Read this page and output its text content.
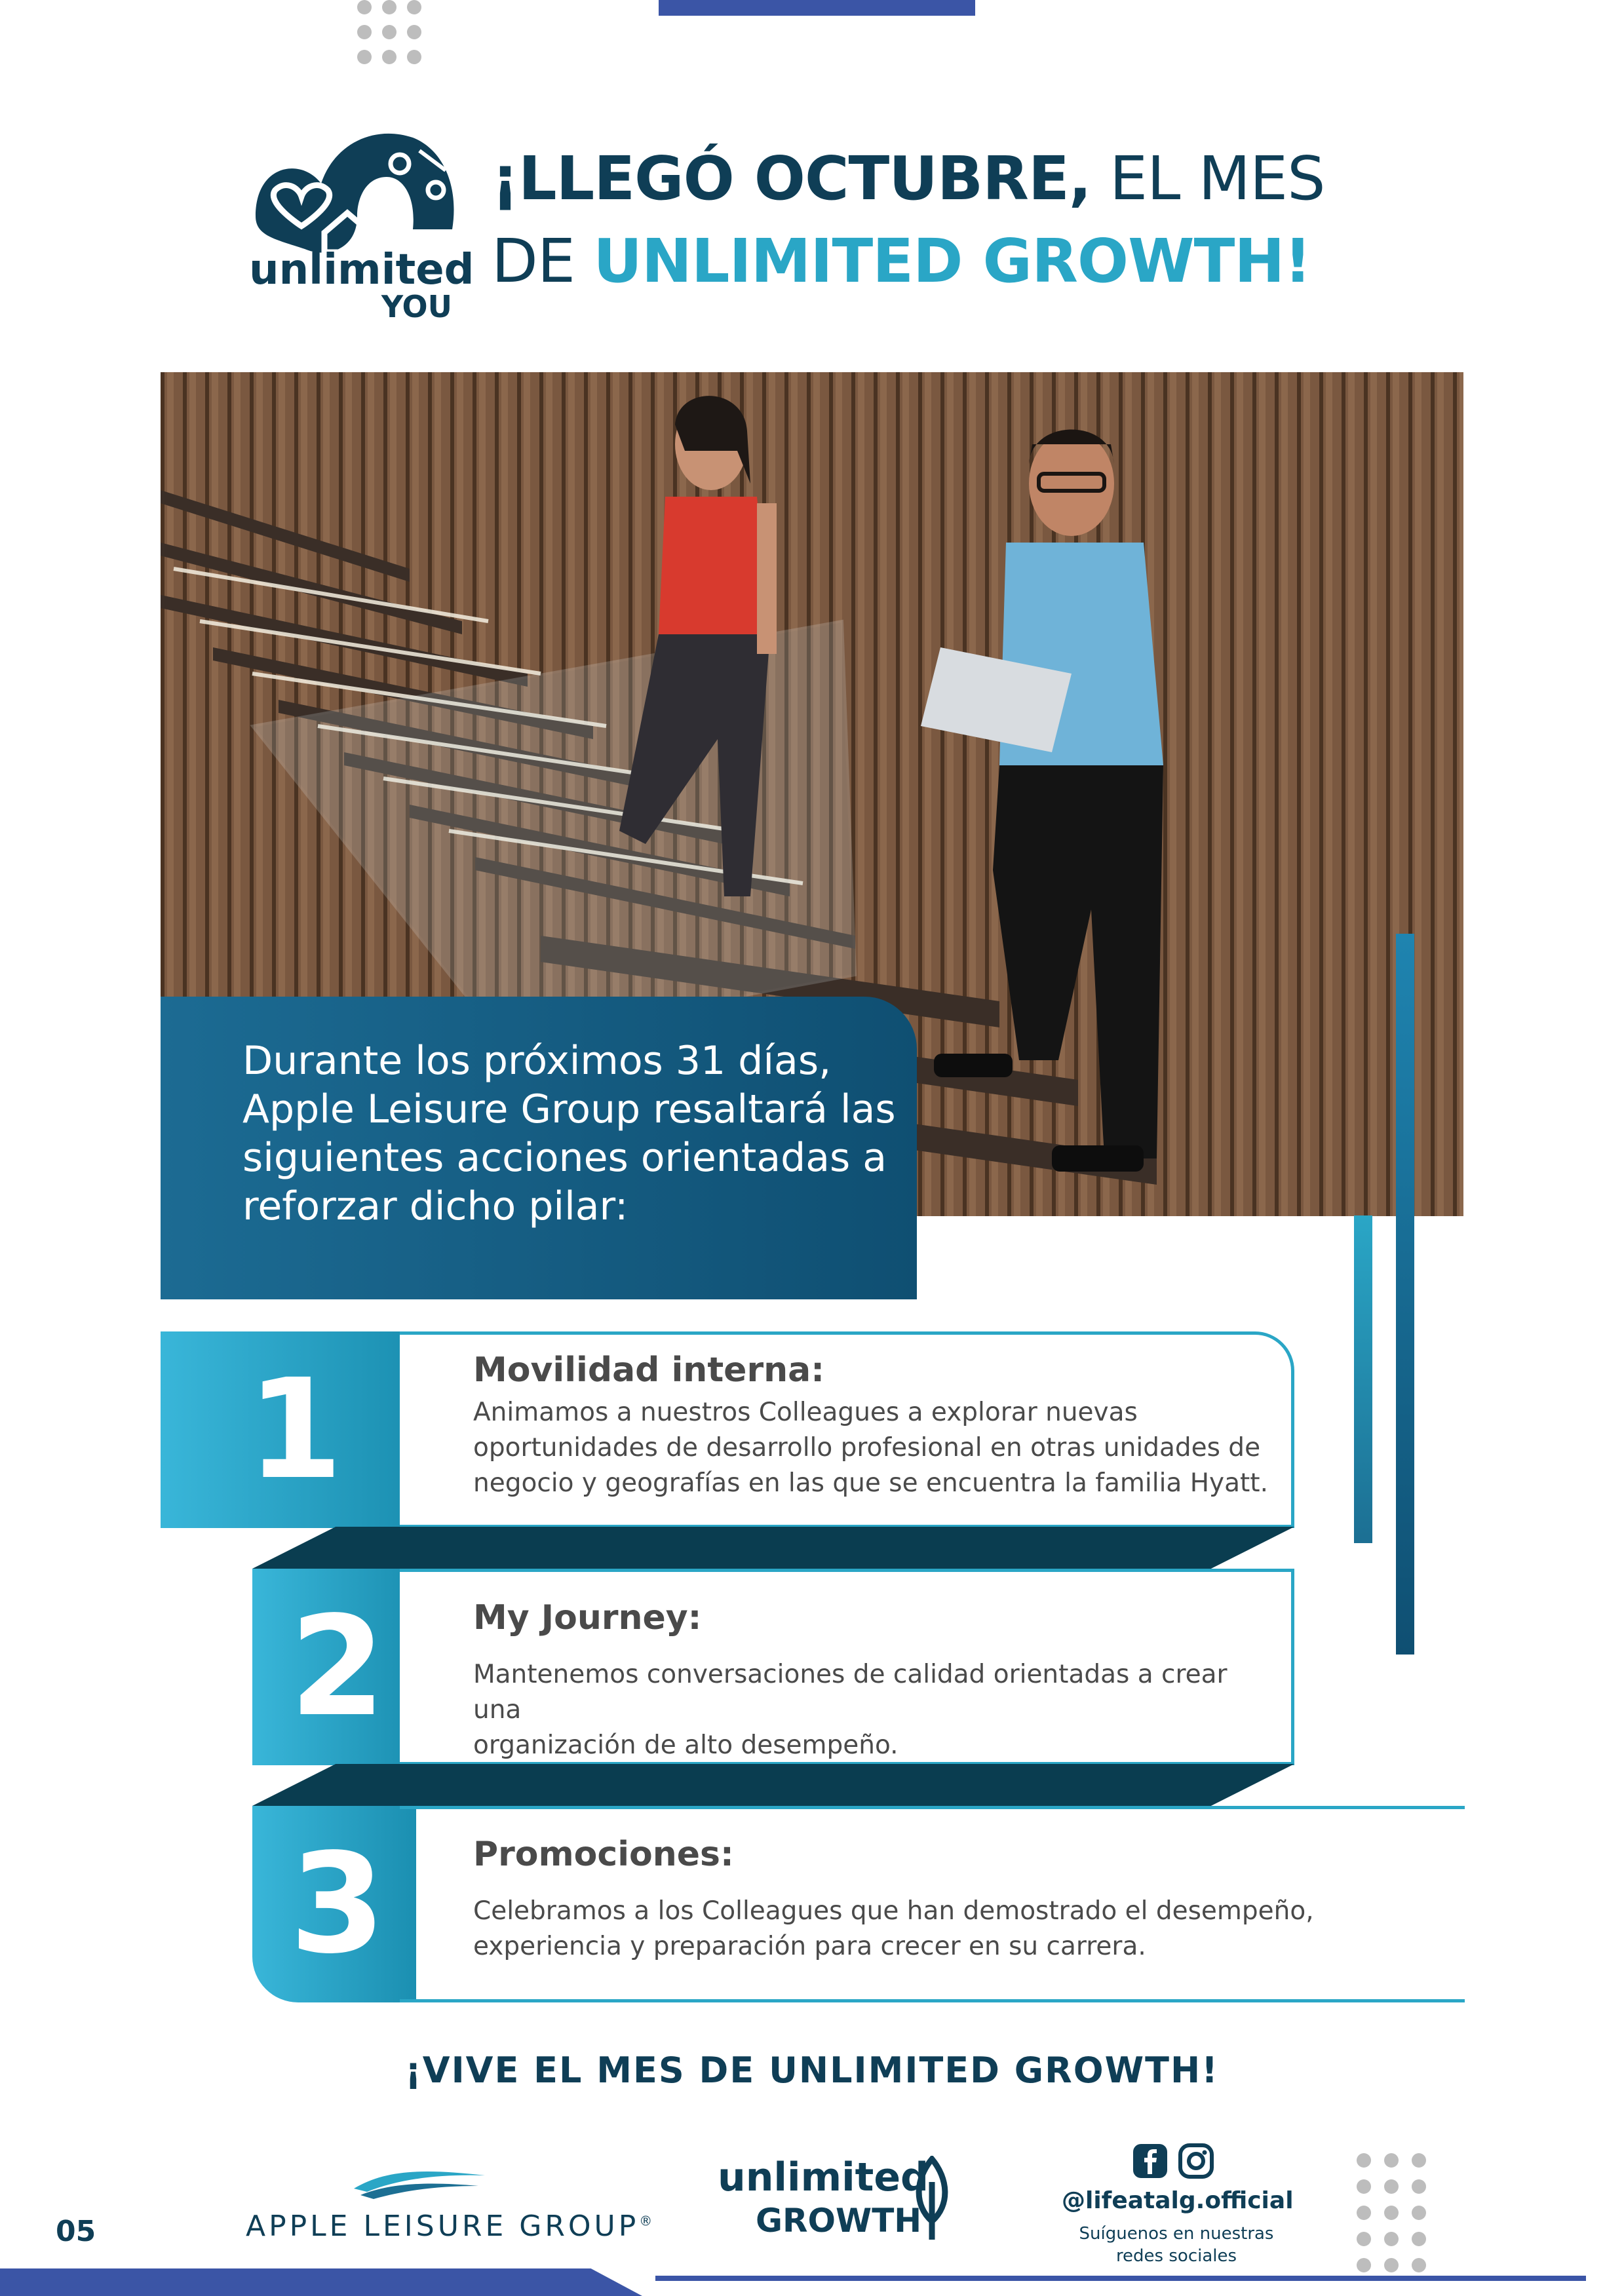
unlimited
YOU
¡LLEGÓ OCTUBRE, EL MES
DE UNLIMITED GROWTH!
Durante los próximos 31 días,
Apple Leisure Group resaltará las
siguientes acciones orientadas a
reforzar dicho pilar:
1	Movilidad interna:
Animamos a nuestros Colleagues a explorar nuevas
oportunidades de desarrollo profesional en otras unidades de
negocio y geografías en las que se encuentra la familia Hyatt.
2	My Journey:
Mantenemos conversaciones de calidad orientadas a crear una
organización de alto desempeño.
3	Promociones:
Celebramos a los Colleagues que han demostrado el desempeño,
experiencia y preparación para crecer en su carrera.
¡VIVE EL MES DE UNLIMITED GROWTH!
05	APPLE LEISURE GROUP®
unlimited
GROWTH
@lifeatalg.official
Suíguenos en nuestras
redes sociales
